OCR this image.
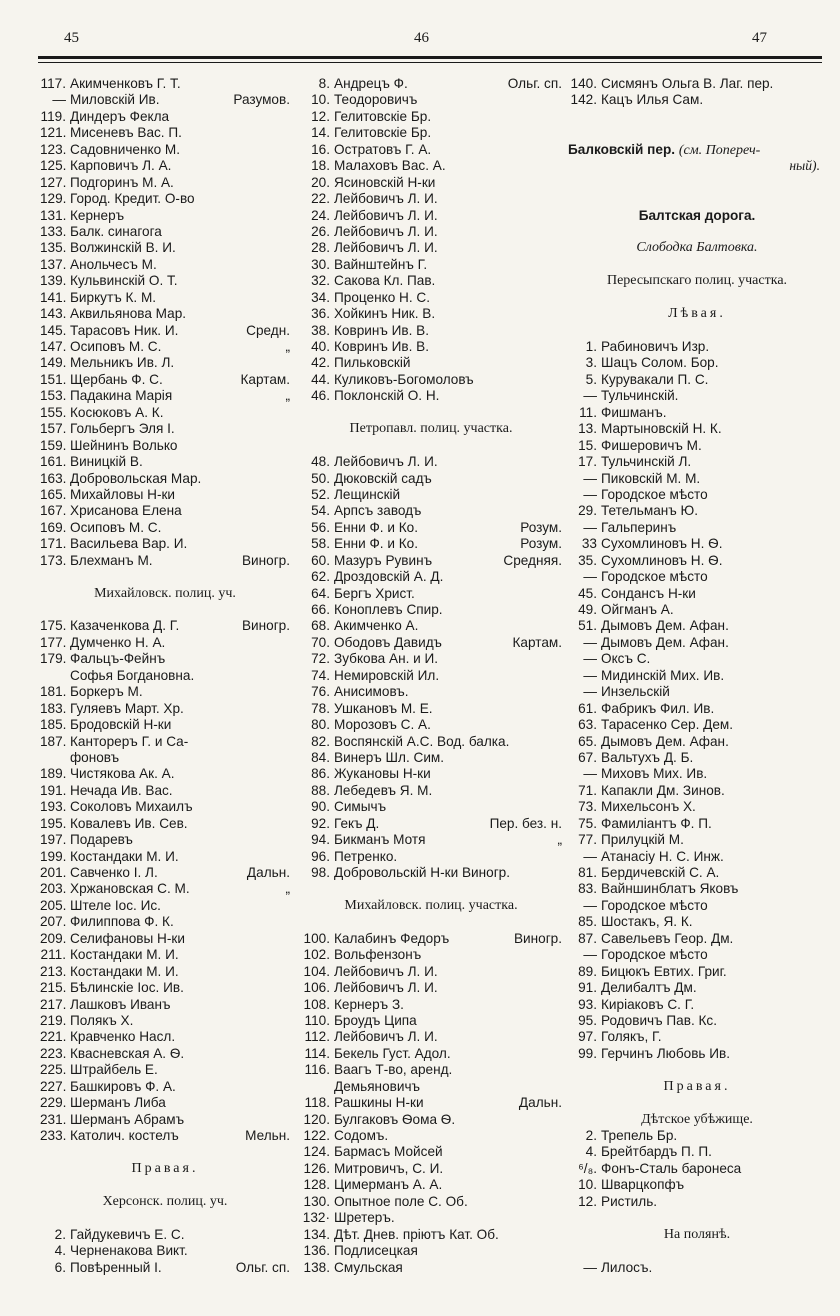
45	46	47
117. Акимченковъ Г. Т.
— Миловскій Ив.	Разумов.
119. Диндеръ Фекла
121. Мисеневъ Вас. П.
123. Садовниченко М.
125. Карповичъ Л. А.
127. Подгоринъ М. А.
129. Город. Кредит. О-во
131. Кернеръ
133. Балк. синагога
135. Волжинскій В. И.
137. Анольчесъ М.
139. Кульвинскій О. Т.
141. Биркутъ К. М.
143. Аквильянова Мар.
145. Тарасовъ Ник. И.	Средн.
147. Осиповъ М. С.	„
149. Мельникъ Ив. Л.
151. Щербань Ф. С.	Картам.
153. Падакина Марія	„
155. Косюковъ А. К.
157. Гольбергъ Эля І.
159. Шейнинъ Волько
161. Виницкій В.
163. Добровольская Мар.
165. Михайловы Н-ки
167. Хрисанова Елена
169. Осиповъ М. С.
171. Васильева Вар. И.
173. Блехманъ М.	Виногр.
Михайловск. полиц. уч.
175. Казаченкова Д. Г.	Виногр.
177. Думченко Н. А.
179. Фальцъ-Фейнъ
Софья Богдановна.
181. Боркеръ М.
183. Гуляевъ Март. Хр.
185. Бродовскій Н-ки
187. Кантореръ Г. и Са-
фоновъ
189. Чистякова Ак. А.
191. Нечада Ив. Вас.
193. Соколовъ Михаилъ
195. Ковалевъ Ив. Сев.
197. Подаревъ
199. Костандаки М. И.
201. Савченко І. Л.	Дальн.
203. Хржановская С. М.	„
205. Штеле Іос. Ис.
207. Филиппова Ф. К.
209. Селифановы Н-ки
211. Костандаки М. И.
213. Костандаки М. И.
215. Бѣлинскіе Іос. Ив.
217. Лашковъ Иванъ
219. Полякъ Х.
221. Кравченко Насл.
223. Квасневская А. Ѳ.
225. Штрайбель Е.
227. Башкировъ Ф. А.
229. Шерманъ Либа
231. Шерманъ Абрамъ
233. Католич. костелъ	Мельн.
Правая.
Херсонск. полиц. уч.
2. Гайдукевичъ Е. С.
4. Черненакова Викт.
6. Повѣренный І.	Ольг. сп.
8. Андрецъ Ф.	Ольг. сп.
10. Теодоровичъ
12. Гелитовскіе Бр.
14. Гелитовскіе Бр.
16. Остратовъ Г. А.
18. Малаховъ Вас. А.
20. Ясиновскій Н-ки
22. Лейбовичъ Л. И.
24. Лейбовичъ Л. И.
26. Лейбовичъ Л. И.
28. Лейбовичъ Л. И.
30. Вайнштейнъ Г.
32. Сакова Кл. Пав.
34. Проценко Н. С.
36. Хойкинъ Ник. В.
38. Ковринъ Ив. В.
40. Ковринъ Ив. В.
42. Пильковскій
44. Куликовъ-Богомоловъ
46. Поклонскій О. Н.
Петропавл. полиц. участка.
48. Лейбовичъ Л. И.
50. Дюковскій садъ
52. Лещинскій
54. Арпсъ заводъ
56. Енни Ф. и Ко.	Розум.
58. Енни Ф. и Ко.	Розум.
60. Мазуръ Рувинъ	Средняя.
62. Дроздовскій А. Д.
64. Бергъ Христ.
66. Коноплевъ Спир.
68. Акимченко А.
70. Ободовъ Давидъ	Картам.
72. Зубкова Ан. и И.
74. Немировскій Ил.
76. Анисимовъ.
78. Ушкановъ М. Е.
80. Морозовъ С. А.
82. Воспянскій А.С. Вод. балка.
84. Винеръ Шл. Сим.
86. Жукановы Н-ки
88. Лебедевъ Я. М.
90. Симычъ
92. Гекъ Д.	Пер. без. н.
94. Бикманъ Мотя	„
96. Петренко.
98. Добровольскій Н-ки Виногр.
Михайловск. полиц. участка.
100. Калабинъ Федоръ	Виногр.
102. Вольфензонъ
104. Лейбовичъ Л. И.
106. Лейбовичъ Л. И.
108. Кернеръ З.
110. Броудъ Ципа
112. Лейбовичъ Л. И.
114. Бекель Густ. Адол.
116. Ваагъ Т-во, аренд.
Демьяновичъ
118. Рашкины Н-ки	Дальн.
120. Булгаковъ Ѳома Ѳ.
122. Содомъ.
124. Бармасъ Мойсей
126. Митровичъ, С. И.
128. Цимерманъ А. А.
130. Опытное поле С. Об.
132· Шретеръ.
134. Дѣт. Днев. пріютъ Кат. Об.
136. Подлисецкая
138. Смульская
140. Сисмянъ Ольга В. Лаг. пер.
142. Кацъ Илья Сам.
Балковскій пер. (см. Попереч-
ный).
Балтская дорога.
Слободка Балтовка.
Пересыпскаго полиц. участка.
Лѣвая.
1. Рабиновичъ Изр.
3. Шацъ Солом. Бор.
5. Курувакали П. С.
— Тульчинскій.
11. Фишманъ.
13. Мартыновскій Н. К.
15. Фишеровичъ М.
17. Тульчинскій Л.
— Пиковскій М. М.
— Городское мѣсто
29. Тетельманъ Ю.
— Гальперинъ
33 Сухомлиновъ Н. Ѳ.
35. Сухомлиновъ Н. Ѳ.
— Городское мѣсто
45. Сондансъ Н-ки
49. Ойгманъ А.
51. Дымовъ Дем. Афан.
— Дымовъ Дем. Афан.
— Оксъ С.
— Мидинскій Мих. Ив.
— Инзельскій
61. Фабрикъ Фил. Ив.
63. Тарасенко Сер. Дем.
65. Дымовъ Дем. Афан.
67. Вальтухъ Д. Б.
— Миховъ Мих. Ив.
71. Капакли Дм. Зинов.
73. Михельсонъ Х.
75. Фамиліантъ Ф. П.
77. Прилуцкій М.
— Атанасіу Н. С. Инж.
81. Бердичевскій С. А.
83. Вайншинблатъ Яковъ
— Городское мѣсто
85. Шостакъ, Я. К.
87. Савельевъ Геор. Дм.
— Городское мѣсто
89. Бицюкъ Евтих. Григ.
91. Делибалтъ Дм.
93. Киріаковъ С. Г.
95. Родовичъ Пав. Кс.
97. Голякъ, Г.
99. Герчинъ Любовь Ив.
Правая.
Дѣтское убѣжище.
2. Трепель Бр.
4. Брейтбардъ П. П.
⁶/₈. Фонъ-Сталь баронеса
10. Шварцкопфъ
12. Ристиль.
На полянѣ.
— Лилосъ.
